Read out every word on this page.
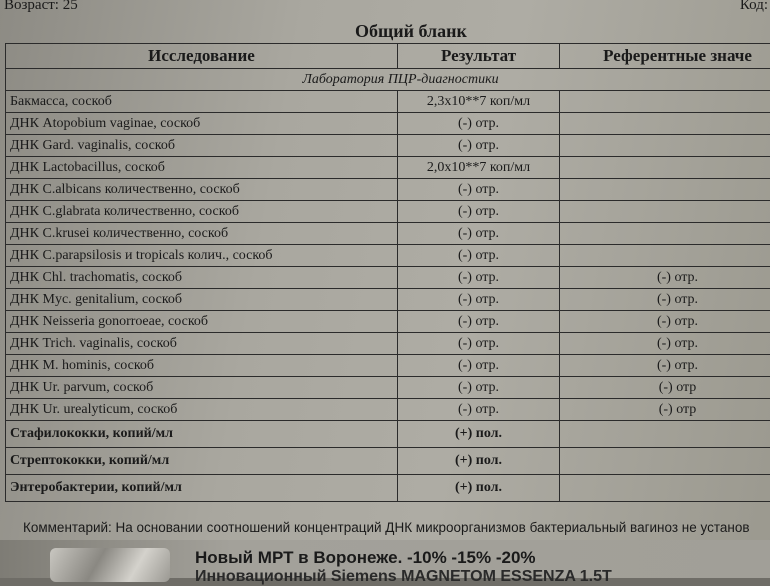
Возраст: 25	Код:
Общий бланк
Исследование	Результат	Референтные значе
Лаборатория ПЦР-диагностики		
Бакмасса, соскоб	2,3x10**7 коп/мл	
ДНК Atopobium vaginae, соскоб	(-) отр.	
ДНК Gard. vaginalis, соскоб	(-) отр.	
ДНК Lactobacillus, соскоб	2,0x10**7 коп/мл	
ДНК C.albicans количественно, соскоб	(-) отр.	
ДНК C.glabrata количественно, соскоб	(-) отр.	
ДНК C.krusei количественно, соскоб	(-) отр.	
ДНК C.parapsilosis и tropicals колич., соскоб	(-) отр.	
ДНК Chl. trachomatis, соскоб	(-) отр.	(-) отр.
ДНК Myc. genitalium, соскоб	(-) отр.	(-) отр.
ДНК Neisseria gonorroeae, соскоб	(-) отр.	(-) отр.
ДНК Trich. vaginalis, соскоб	(-) отр.	(-) отр.
ДНК M. hominis, соскоб	(-) отр.	(-) отр.
ДНК Ur. parvum, соскоб	(-) отр.	(-) отр
ДНК Ur. urealyticum, соскоб	(-) отр.	(-) отр
Стафилококки, копий/мл	(+) пол.	
Стрептококки, копий/мл	(+) пол.	
Энтеробактерии, копий/мл	(+) пол.	
Комментарий: На основании соотношений концентраций ДНК микроорганизмов бактериальный вагиноз не установ
Новый МРТ в Воронеже. -10% -15% -20%
Инновационный Siemens MAGNETOM ESSENZA 1.5T
